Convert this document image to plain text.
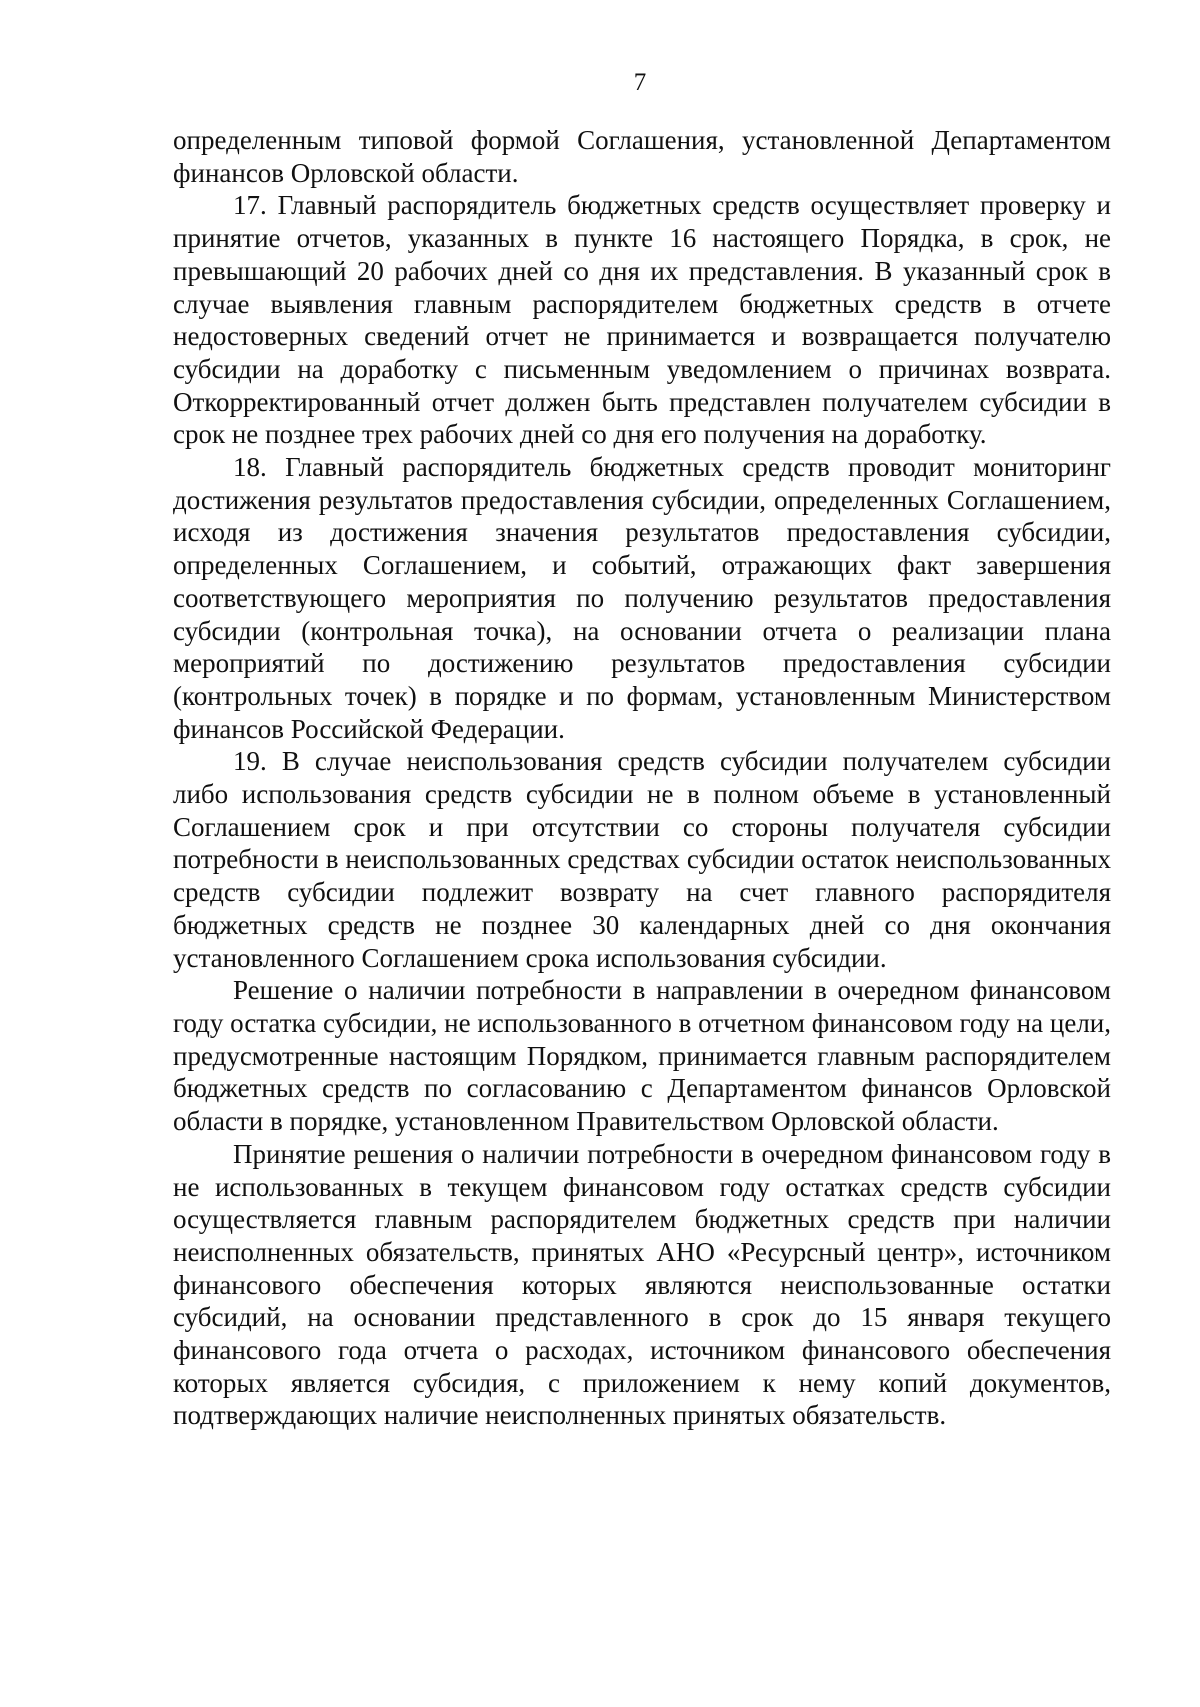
7

определенным типовой формой Соглашения, установленной Департаментом финансов Орловской области.

17. Главный распорядитель бюджетных средств осуществляет проверку и принятие отчетов, указанных в пункте 16 настоящего Порядка, в срок, не превышающий 20 рабочих дней со дня их представления. В указанный срок в случае выявления главным распорядителем бюджетных средств в отчете недостоверных сведений отчет не принимается и возвращается получателю субсидии на доработку с письменным уведомлением о причинах возврата. Откорректированный отчет должен быть представлен получателем субсидии в срок не позднее трех рабочих дней со дня его получения на доработку.

18. Главный распорядитель бюджетных средств проводит мониторинг достижения результатов предоставления субсидии, определенных Соглашением, исходя из достижения значения результатов предоставления субсидии, определенных Соглашением, и событий, отражающих факт завершения соответствующего мероприятия по получению результатов предоставления субсидии (контрольная точка), на основании отчета о реализации плана мероприятий по достижению результатов предоставления субсидии (контрольных точек) в порядке и по формам, установленным Министерством финансов Российской Федерации.

19. В случае неиспользования средств субсидии получателем субсидии либо использования средств субсидии не в полном объеме в установленный Соглашением срок и при отсутствии со стороны получателя субсидии потребности в неиспользованных средствах субсидии остаток неиспользованных средств субсидии подлежит возврату на счет главного распорядителя бюджетных средств не позднее 30 календарных дней со дня окончания установленного Соглашением срока использования субсидии.

Решение о наличии потребности в направлении в очередном финансовом году остатка субсидии, не использованного в отчетном финансовом году на цели, предусмотренные настоящим Порядком, принимается главным распорядителем бюджетных средств по согласованию с Департаментом финансов Орловской области в порядке, установленном Правительством Орловской области.

Принятие решения о наличии потребности в очередном финансовом году в не использованных в текущем финансовом году остатках средств субсидии осуществляется главным распорядителем бюджетных средств при наличии неисполненных обязательств, принятых АНО «Ресурсный центр», источником финансового обеспечения которых являются неиспользованные остатки субсидий, на основании представленного в срок до 15 января текущего финансового года отчета о расходах, источником финансового обеспечения которых является субсидия, с приложением к нему копий документов, подтверждающих наличие неисполненных принятых обязательств.
